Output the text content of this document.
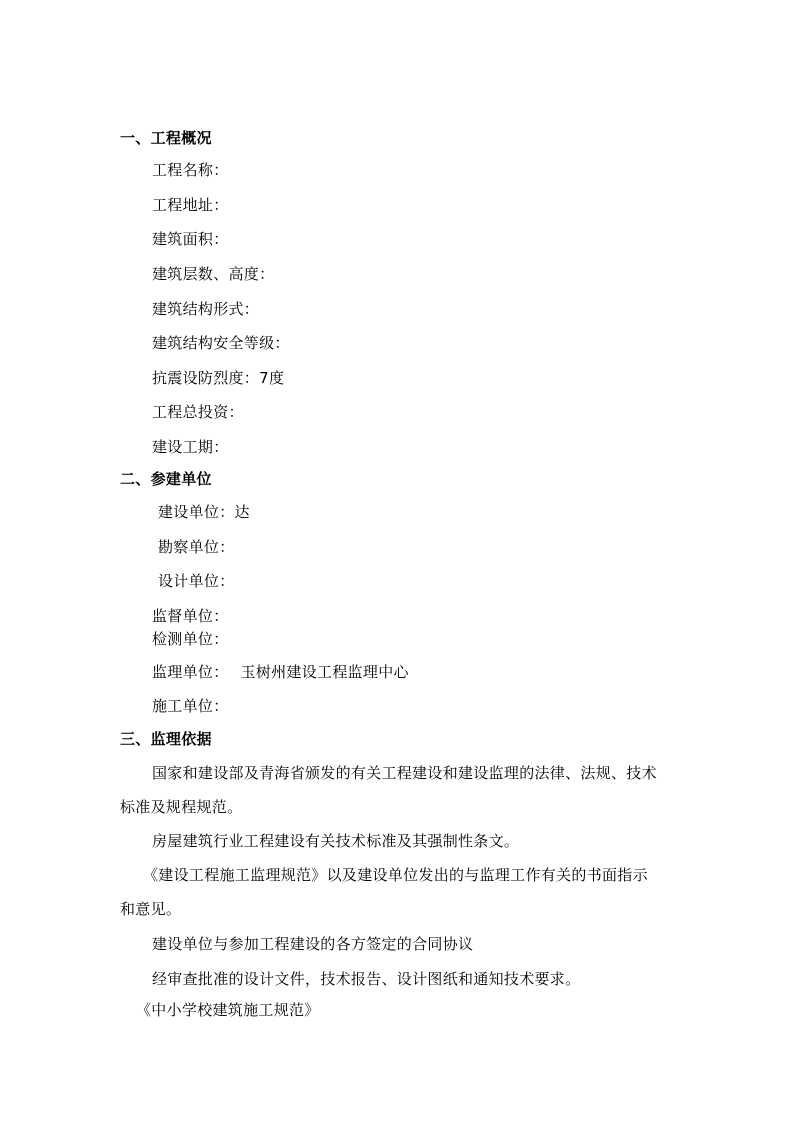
一、工程概况
工程名称：
工程地址：
建筑面积：
建筑层数、高度：
建筑结构形式：
建筑结构安全等级：
抗震设防烈度：7度
工程总投资：
建设工期：
二、参建单位
建设单位：达
勘察单位：
设计单位：
监督单位：
检测单位：
监理单位： 玉树州建设工程监理中心
施工单位：
三、监理依据
国家和建设部及青海省颁发的有关工程建设和建设监理的法律、法规、技术
标准及规程规范。
房屋建筑行业工程建设有关技术标准及其强制性条文。
《建设工程施工监理规范》以及建设单位发出的与监理工作有关的书面指示
和意见。
建设单位与参加工程建设的各方签定的合同协议
经审查批准的设计文件，技术报告、设计图纸和通知技术要求。
《中小学校建筑施工规范》
